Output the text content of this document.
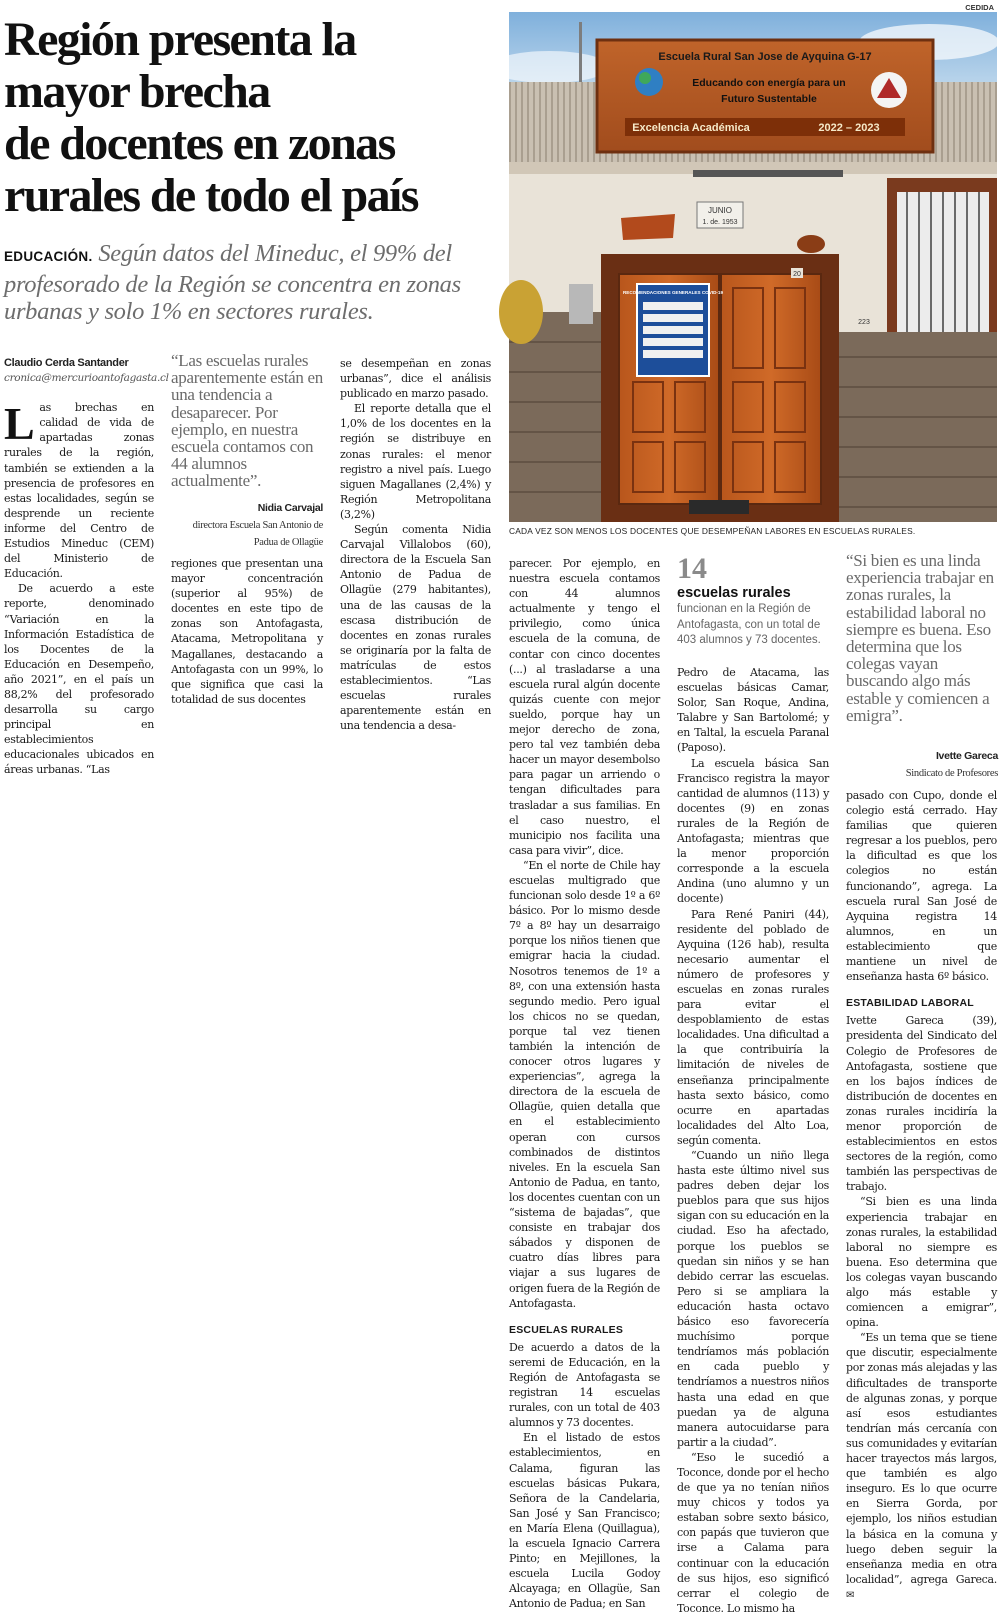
CEDIDA
Región presenta la
mayor brecha
de docentes en zonas
rurales de todo el país
EDUCACIÓN. Según datos del Mineduc, el 99% del profesorado de la Región se concentra en zonas urbanas y solo 1% en sectores rurales.
Escuela Rural San Jose de Ayquina G-17
Educando con energía para un
Futuro Sustentable
Excelencia Académica	2022 – 2023
JUNIO
1. de. 1953
RECOMENDACIONES GENERALES COVID-19
20
223
CADA VEZ SON MENOS LOS DOCENTES QUE DESEMPEÑAN LABORES EN ESCUELAS RURALES.
Claudio Cerda Santander
cronica@mercurioantofagasta.cl

Las brechas en calidad de vida de apartadas zonas rurales de la región, también se extienden a la presencia de profesores en estas localidades, según se desprende un reciente informe del Centro de Estudios Mineduc (CEM) del Ministerio de Educación.

De acuerdo a este reporte, denominado “Variación en la Información Estadística de los Docentes de la Educación en Desempeño, año 2021”, en el país un 88,2% del profesorado desarrolla su cargo principal en establecimientos educacionales ubicados en áreas urbanas. “Las

“Las escuelas rurales aparentemente están en una tendencia a desaparecer. Por ejemplo, en nuestra escuela contamos con 44 alumnos actualmente”.
Nidia Carvajal
directora Escuela San Antonio de Padua de Ollagüe

regiones que presentan una mayor concentración (superior al 95%) de docentes en este tipo de zonas son Antofagasta, Atacama, Metropolitana y Magallanes, destacando a Antofagasta con un 99%, lo que significa que casi la totalidad de sus docentes

se desempeñan en zonas urbanas”, dice el análisis publicado en marzo pasado.

El reporte detalla que el 1,0% de los docentes en la región se distribuye en zonas rurales: el menor registro a nivel país. Luego siguen Magallanes (2,4%) y Región Metropolitana (3,2%)

Según comenta Nidia Carvajal Villalobos (60), directora de la Escuela San Antonio de Padua de Ollagüe (279 habitantes), una de las causas de la escasa distribución de docentes en zonas rurales se originaría por la falta de matrículas de estos establecimientos. “Las escuelas rurales aparentemente están en una tendencia a desa-

parecer. Por ejemplo, en nuestra escuela contamos con 44 alumnos actualmente y tengo el privilegio, como única escuela de la comuna, de contar con cinco docentes (...) al trasladarse a una escuela rural algún docente quizás cuente con mejor sueldo, porque hay un mejor derecho de zona, pero tal vez también deba hacer un mayor desembolso para pagar un arriendo o tengan dificultades para trasladar a sus familias. En el caso nuestro, el municipio nos facilita una casa para vivir”, dice.

“En el norte de Chile hay escuelas multigrado que funcionan solo desde 1º a 6º básico. Por lo mismo desde 7º a 8º hay un desarraigo porque los niños tienen que emigrar hacia la ciudad. Nosotros tenemos de 1º a 8º, con una extensión hasta segundo medio. Pero igual los chicos no se quedan, porque tal vez tienen también la intención de conocer otros lugares y experiencias”, agrega la directora de la escuela de Ollagüe, quien detalla que en el establecimiento operan con cursos combinados de distintos niveles. En la escuela San Antonio de Padua, en tanto, los docentes cuentan con un “sistema de bajadas”, que consiste en trabajar dos sábados y disponen de cuatro días libres para viajar a sus lugares de origen fuera de la Región de Antofagasta.

ESCUELAS RURALES

De acuerdo a datos de la seremi de Educación, en la Región de Antofagasta se registran 14 escuelas rurales, con un total de 403 alumnos y 73 docentes.

En el listado de estos establecimientos, en Calama, figuran las escuelas básicas Pukara, Señora de la Candelaria, San José y San Francisco; en María Elena (Quillagua), la escuela Ignacio Carrera Pinto; en Mejillones, la escuela Lucila Godoy Alcayaga; en Ollagüe, San Antonio de Padua; en San

14
escuelas rurales
funcionan en la Región de Antofagasta, con un total de 403 alumnos y 73 docentes.

Pedro de Atacama, las escuelas básicas Camar, Solor, San Roque, Andina, Talabre y San Bartolomé; y en Taltal, la escuela Paranal (Paposo).

La escuela básica San Francisco registra la mayor cantidad de alumnos (113) y docentes (9) en zonas rurales de la Región de Antofagasta; mientras que la menor proporción corresponde a la escuela Andina (uno alumno y un docente)

Para René Paniri (44), residente del poblado de Ayquina (126 hab), resulta necesario aumentar el número de profesores y escuelas en zonas rurales para evitar el despoblamiento de estas localidades. Una dificultad a la que contribuiría la limitación de niveles de enseñanza principalmente hasta sexto básico, como ocurre en apartadas localidades del Alto Loa, según comenta.

“Cuando un niño llega hasta este último nivel sus padres deben dejar los pueblos para que sus hijos sigan con su educación en la ciudad. Eso ha afectado, porque los pueblos se quedan sin niños y se han debido cerrar las escuelas. Pero si se ampliara la educación hasta octavo básico eso favorecería muchísimo porque tendríamos más población en cada pueblo y tendríamos a nuestros niños hasta una edad en que puedan ya de alguna manera autocuidarse para partir a la ciudad”.

“Eso le sucedió a Toconce, donde por el hecho de que ya no tenían niños muy chicos y todos ya estaban sobre sexto básico, con papás que tuvieron que irse a Calama para continuar con la educación de sus hijos, eso significó cerrar el colegio de Toconce. Lo mismo ha

“Si bien es una linda experiencia trabajar en zonas rurales, la estabilidad laboral no siempre es buena. Eso determina que los colegas vayan buscando algo más estable y comiencen a emigra”.
Ivette Gareca
Sindicato de Profesores

pasado con Cupo, donde el colegio está cerrado. Hay familias que quieren regresar a los pueblos, pero la dificultad es que los colegios no están funcionando”, agrega. La escuela rural San José de Ayquina registra 14 alumnos, en un establecimiento que mantiene un nivel de enseñanza hasta 6º básico.

ESTABILIDAD LABORAL

Ivette Gareca (39), presidenta del Sindicato del Colegio de Profesores de Antofagasta, sostiene que en los bajos índices de distribución de docentes en zonas rurales incidiría la menor proporción de establecimientos en estos sectores de la región, como también las perspectivas de trabajo.

“Si bien es una linda experiencia trabajar en zonas rurales, la estabilidad laboral no siempre es buena. Eso determina que los colegas vayan buscando algo más estable y comiencen a emigrar”, opina.

“Es un tema que se tiene que discutir, especialmente por zonas más alejadas y las dificultades de transporte de algunas zonas, y porque así esos estudiantes tendrían más cercanía con sus comunidades y evitarían hacer trayectos más largos, que también es algo inseguro. Es lo que ocurre en Sierra Gorda, por ejemplo, los niños estudian la básica en la comuna y luego deben seguir la enseñanza media en otra localidad”, agrega Gareca. ✉
